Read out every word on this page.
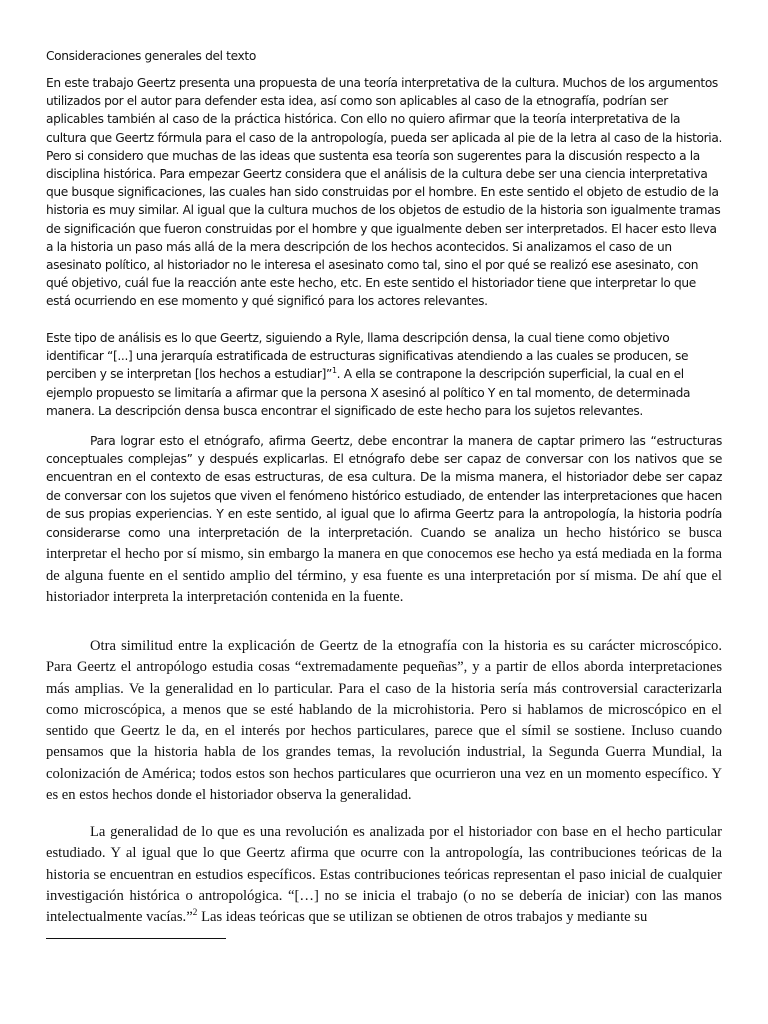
Consideraciones generales del texto

En este trabajo Geertz presenta una propuesta de una teoría interpretativa de la cultura. Muchos de los argumentos utilizados por el autor para defender esta idea, así como son aplicables al caso de la etnografía, podrían ser aplicables también al caso de la práctica histórica. Con ello no quiero afirmar que la teoría interpretativa de la cultura que Geertz fórmula para el caso de la antropología, pueda ser aplicada al pie de la letra al caso de la historia. Pero si considero que muchas de las ideas que sustenta esa teoría son sugerentes para la discusión respecto a la disciplina histórica. Para empezar Geertz considera que el análisis de la cultura debe ser una ciencia interpretativa que busque significaciones, las cuales han sido construidas por el hombre. En este sentido el objeto de estudio de la historia es muy similar. Al igual que la cultura muchos de los objetos de estudio de la historia son igualmente tramas de significación que fueron construidas por el hombre y que igualmente deben ser interpretados. El hacer esto lleva a la historia un paso más allá de la mera descripción de los hechos acontecidos. Si analizamos el caso de un asesinato político, al historiador no le interesa el asesinato como tal, sino el por qué se realizó ese asesinato, con qué objetivo, cuál fue la reacción ante este hecho, etc. En este sentido el historiador tiene que interpretar lo que está ocurriendo en ese momento y qué significó para los actores relevantes.

Este tipo de análisis es lo que Geertz, siguiendo a Ryle, llama descripción densa, la cual tiene como objetivo identificar “[...] una jerarquía estratificada de estructuras significativas atendiendo a las cuales se producen, se perciben y se interpretan [los hechos a estudiar]”$^1$. A ella se contrapone la descripción superficial, la cual en el ejemplo propuesto se limitaría a afirmar que la persona X asesinó al político Y en tal momento, de determinada manera. La descripción densa busca encontrar el significado de este hecho para los sujetos relevantes.

Para lograr esto el etnógrafo, afirma Geertz, debe encontrar la manera de captar primero las “estructuras conceptuales complejas” y después explicarlas. El etnógrafo debe ser capaz de conversar con los nativos que se encuentran en el contexto de esas estructuras, de esa cultura. De la misma manera, el historiador debe ser capaz de conversar con los sujetos que viven el fenómeno histórico estudiado, de entender las interpretaciones que hacen de sus propias experiencias. Y en este sentido, al igual que lo afirma Geertz para la antropología, la historia podría considerarse como una interpretación de la interpretación. Cuando se analiza un hecho histórico se busca interpretar el hecho por sí mismo, sin embargo la manera en que conocemos ese hecho ya está mediada en la forma de alguna fuente en el sentido amplio del término, y esa fuente es una interpretación por sí misma. De ahí que el historiador interpreta la interpretación contenida en la fuente.

Otra similitud entre la explicación de Geertz de la etnografía con la historia es su carácter microscópico. Para Geertz el antropólogo estudia cosas “extremadamente pequeñas”, y a partir de ellos aborda interpretaciones más amplias. Ve la generalidad en lo particular. Para el caso de la historia sería más controversial caracterizarla como microscópica, a menos que se esté hablando de la microhistoria. Pero si hablamos de microscópico en el sentido que Geertz le da, en el interés por hechos particulares, parece que el símil se sostiene. Incluso cuando pensamos que la historia habla de los grandes temas, la revolución industrial, la Segunda Guerra Mundial, la colonización de América; todos estos son hechos particulares que ocurrieron una vez en un momento específico. Y es en estos hechos donde el historiador observa la generalidad.

La generalidad de lo que es una revolución es analizada por el historiador con base en el hecho particular estudiado. Y al igual que lo que Geertz afirma que ocurre con la antropología, las contribuciones teóricas de la historia se encuentran en estudios específicos. Estas contribuciones teóricas representan el paso inicial de cualquier investigación histórica o antropológica. “[…] no se inicia el trabajo (o no se debería de iniciar) con las manos intelectualmente vacías.”$^2$ Las ideas teóricas que se utilizan se obtienen de otros trabajos y mediante su
